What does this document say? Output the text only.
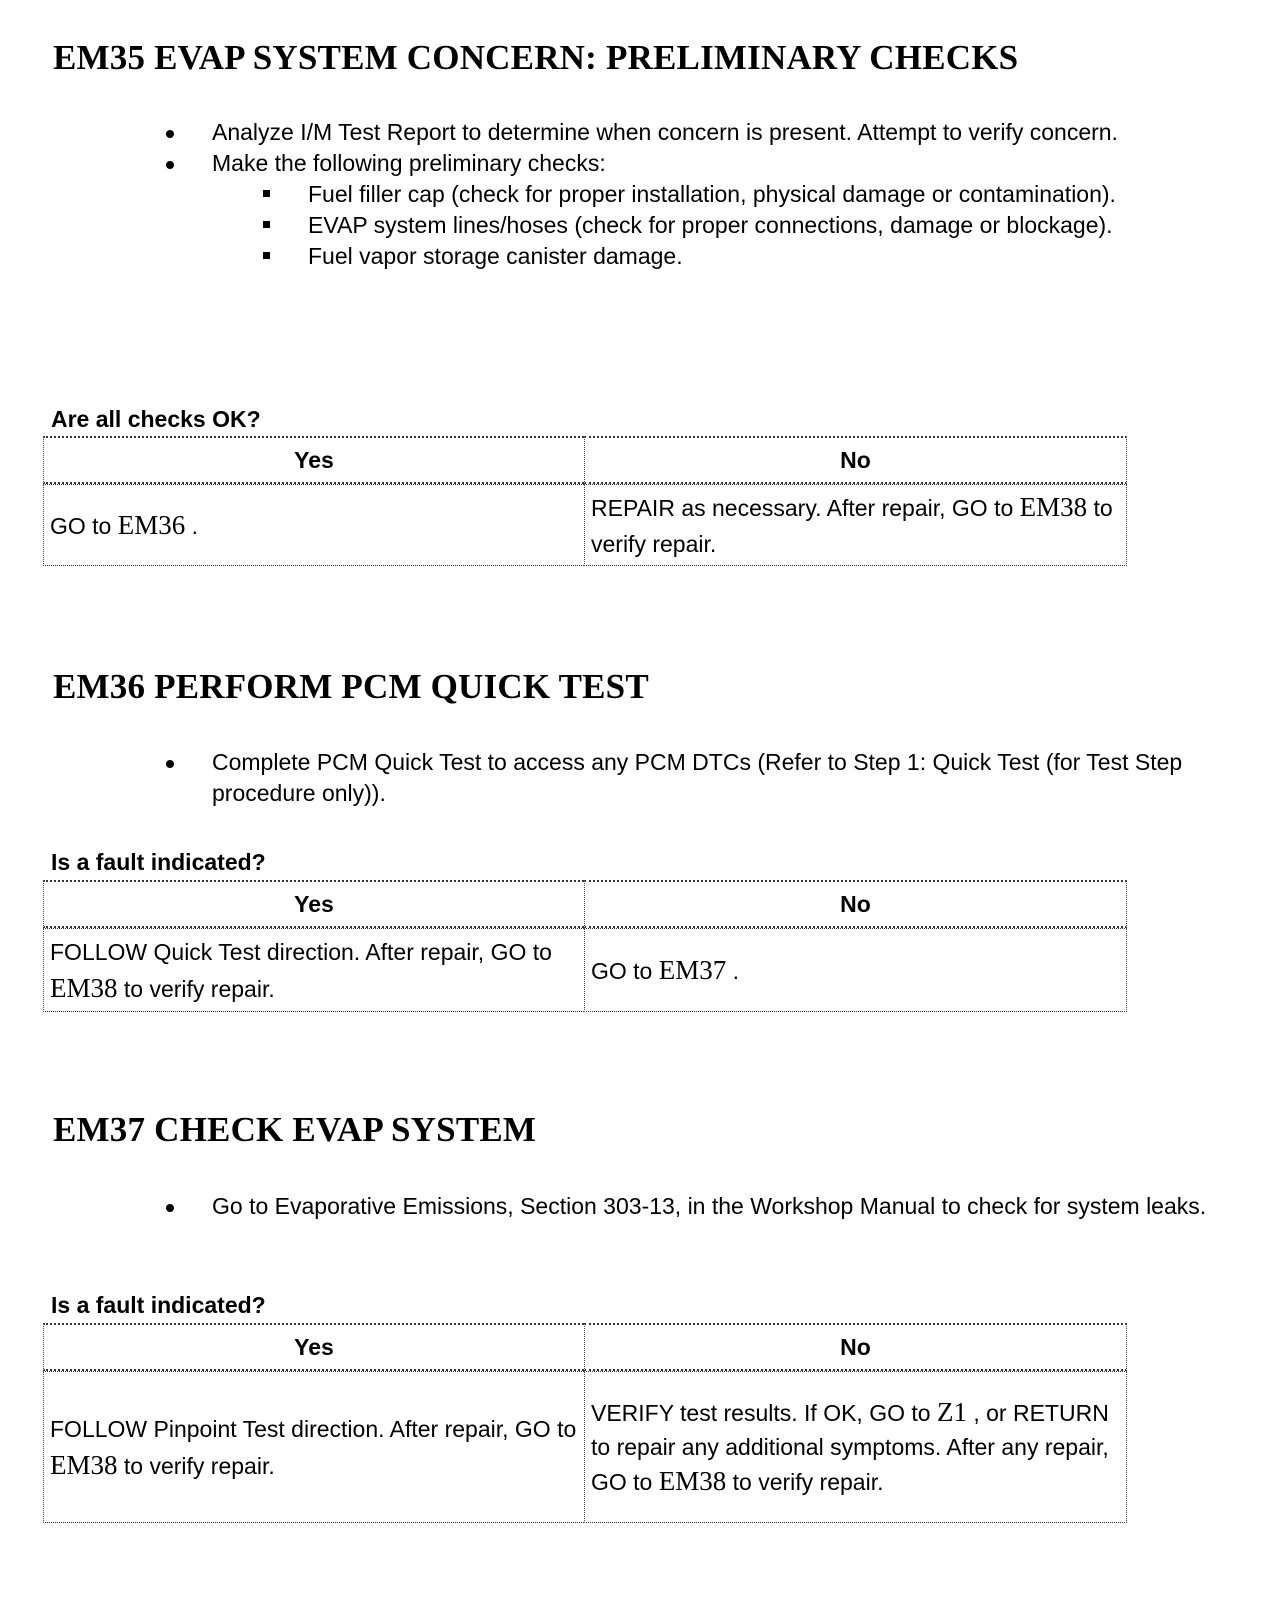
EM35 EVAP SYSTEM CONCERN: PRELIMINARY CHECKS
Analyze I/M Test Report to determine when concern is present. Attempt to verify concern.
Make the following preliminary checks:
Fuel filler cap (check for proper installation, physical damage or contamination).
EVAP system lines/hoses (check for proper connections, damage or blockage).
Fuel vapor storage canister damage.

Are all checks OK?

Yes	No
GO to EM36 .	REPAIR as necessary. After repair, GO to EM38 to verify repair.
EM36 PERFORM PCM QUICK TEST
Complete PCM Quick Test to access any PCM DTCs (Refer to Step 1: Quick Test (for Test Step procedure only)).

Is a fault indicated?

Yes	No
FOLLOW Quick Test direction. After repair, GO to EM38 to verify repair.	GO to EM37 .
EM37 CHECK EVAP SYSTEM
Go to Evaporative Emissions, Section 303-13, in the Workshop Manual to check for system leaks.

Is a fault indicated?

Yes	No
FOLLOW Pinpoint Test direction. After repair, GO to EM38 to verify repair.	VERIFY test results. If OK, GO to Z1 , or RETURN to repair any additional symptoms. After any repair, GO to EM38 to verify repair.
